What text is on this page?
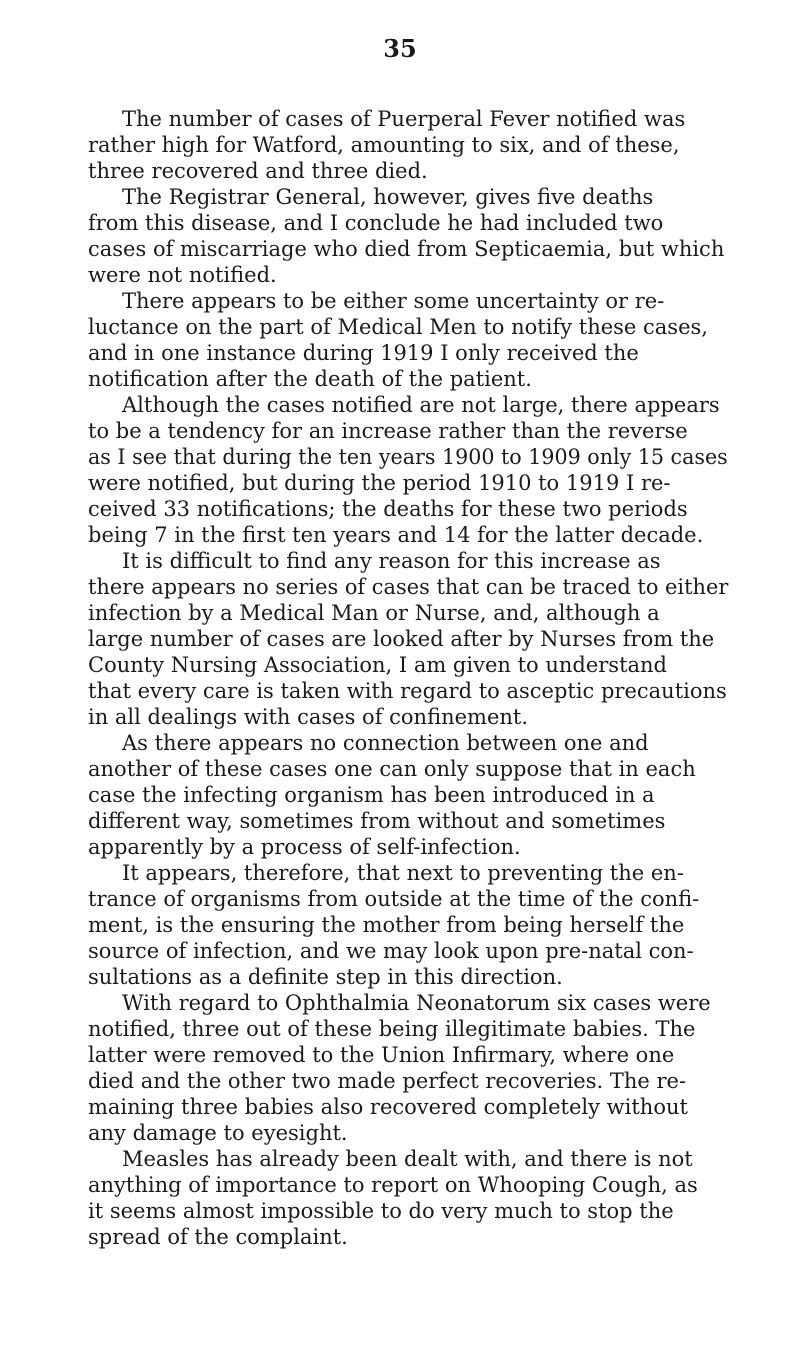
35
The number of cases of Puerperal Fever notified was
rather high for Watford, amounting to six, and of these,
three recovered and three died.
The Registrar General, however, gives five deaths
from this disease, and I conclude he had included two
cases of miscarriage who died from Septicaemia, but which
were not notified.
There appears to be either some uncertainty or re-
luctance on the part of Medical Men to notify these cases,
and in one instance during 1919 I only received the
notification after the death of the patient.
Although the cases notified are not large, there appears
to be a tendency for an increase rather than the reverse
as I see that during the ten years 1900 to 1909 only 15 cases
were notified, but during the period 1910 to 1919 I re-
ceived 33 notifications; the deaths for these two periods
being 7 in the first ten years and 14 for the latter decade.
It is difficult to find any reason for this increase as
there appears no series of cases that can be traced to either
infection by a Medical Man or Nurse, and, although a
large number of cases are looked after by Nurses from the
County Nursing Association, I am given to understand
that every care is taken with regard to asceptic precautions
in all dealings with cases of confinement.
As there appears no connection between one and
another of these cases one can only suppose that in each
case the infecting organism has been introduced in a
different way, sometimes from without and sometimes
apparently by a process of self-infection.
It appears, therefore, that next to preventing the en-
trance of organisms from outside at the time of the confi-
ment, is the ensuring the mother from being herself the
source of infection, and we may look upon pre-natal con-
sultations as a definite step in this direction.
With regard to Ophthalmia Neonatorum six cases were
notified, three out of these being illegitimate babies. The
latter were removed to the Union Infirmary, where one
died and the other two made perfect recoveries. The re-
maining three babies also recovered completely without
any damage to eyesight.
Measles has already been dealt with, and there is not
anything of importance to report on Whooping Cough, as
it seems almost impossible to do very much to stop the
spread of the complaint.
